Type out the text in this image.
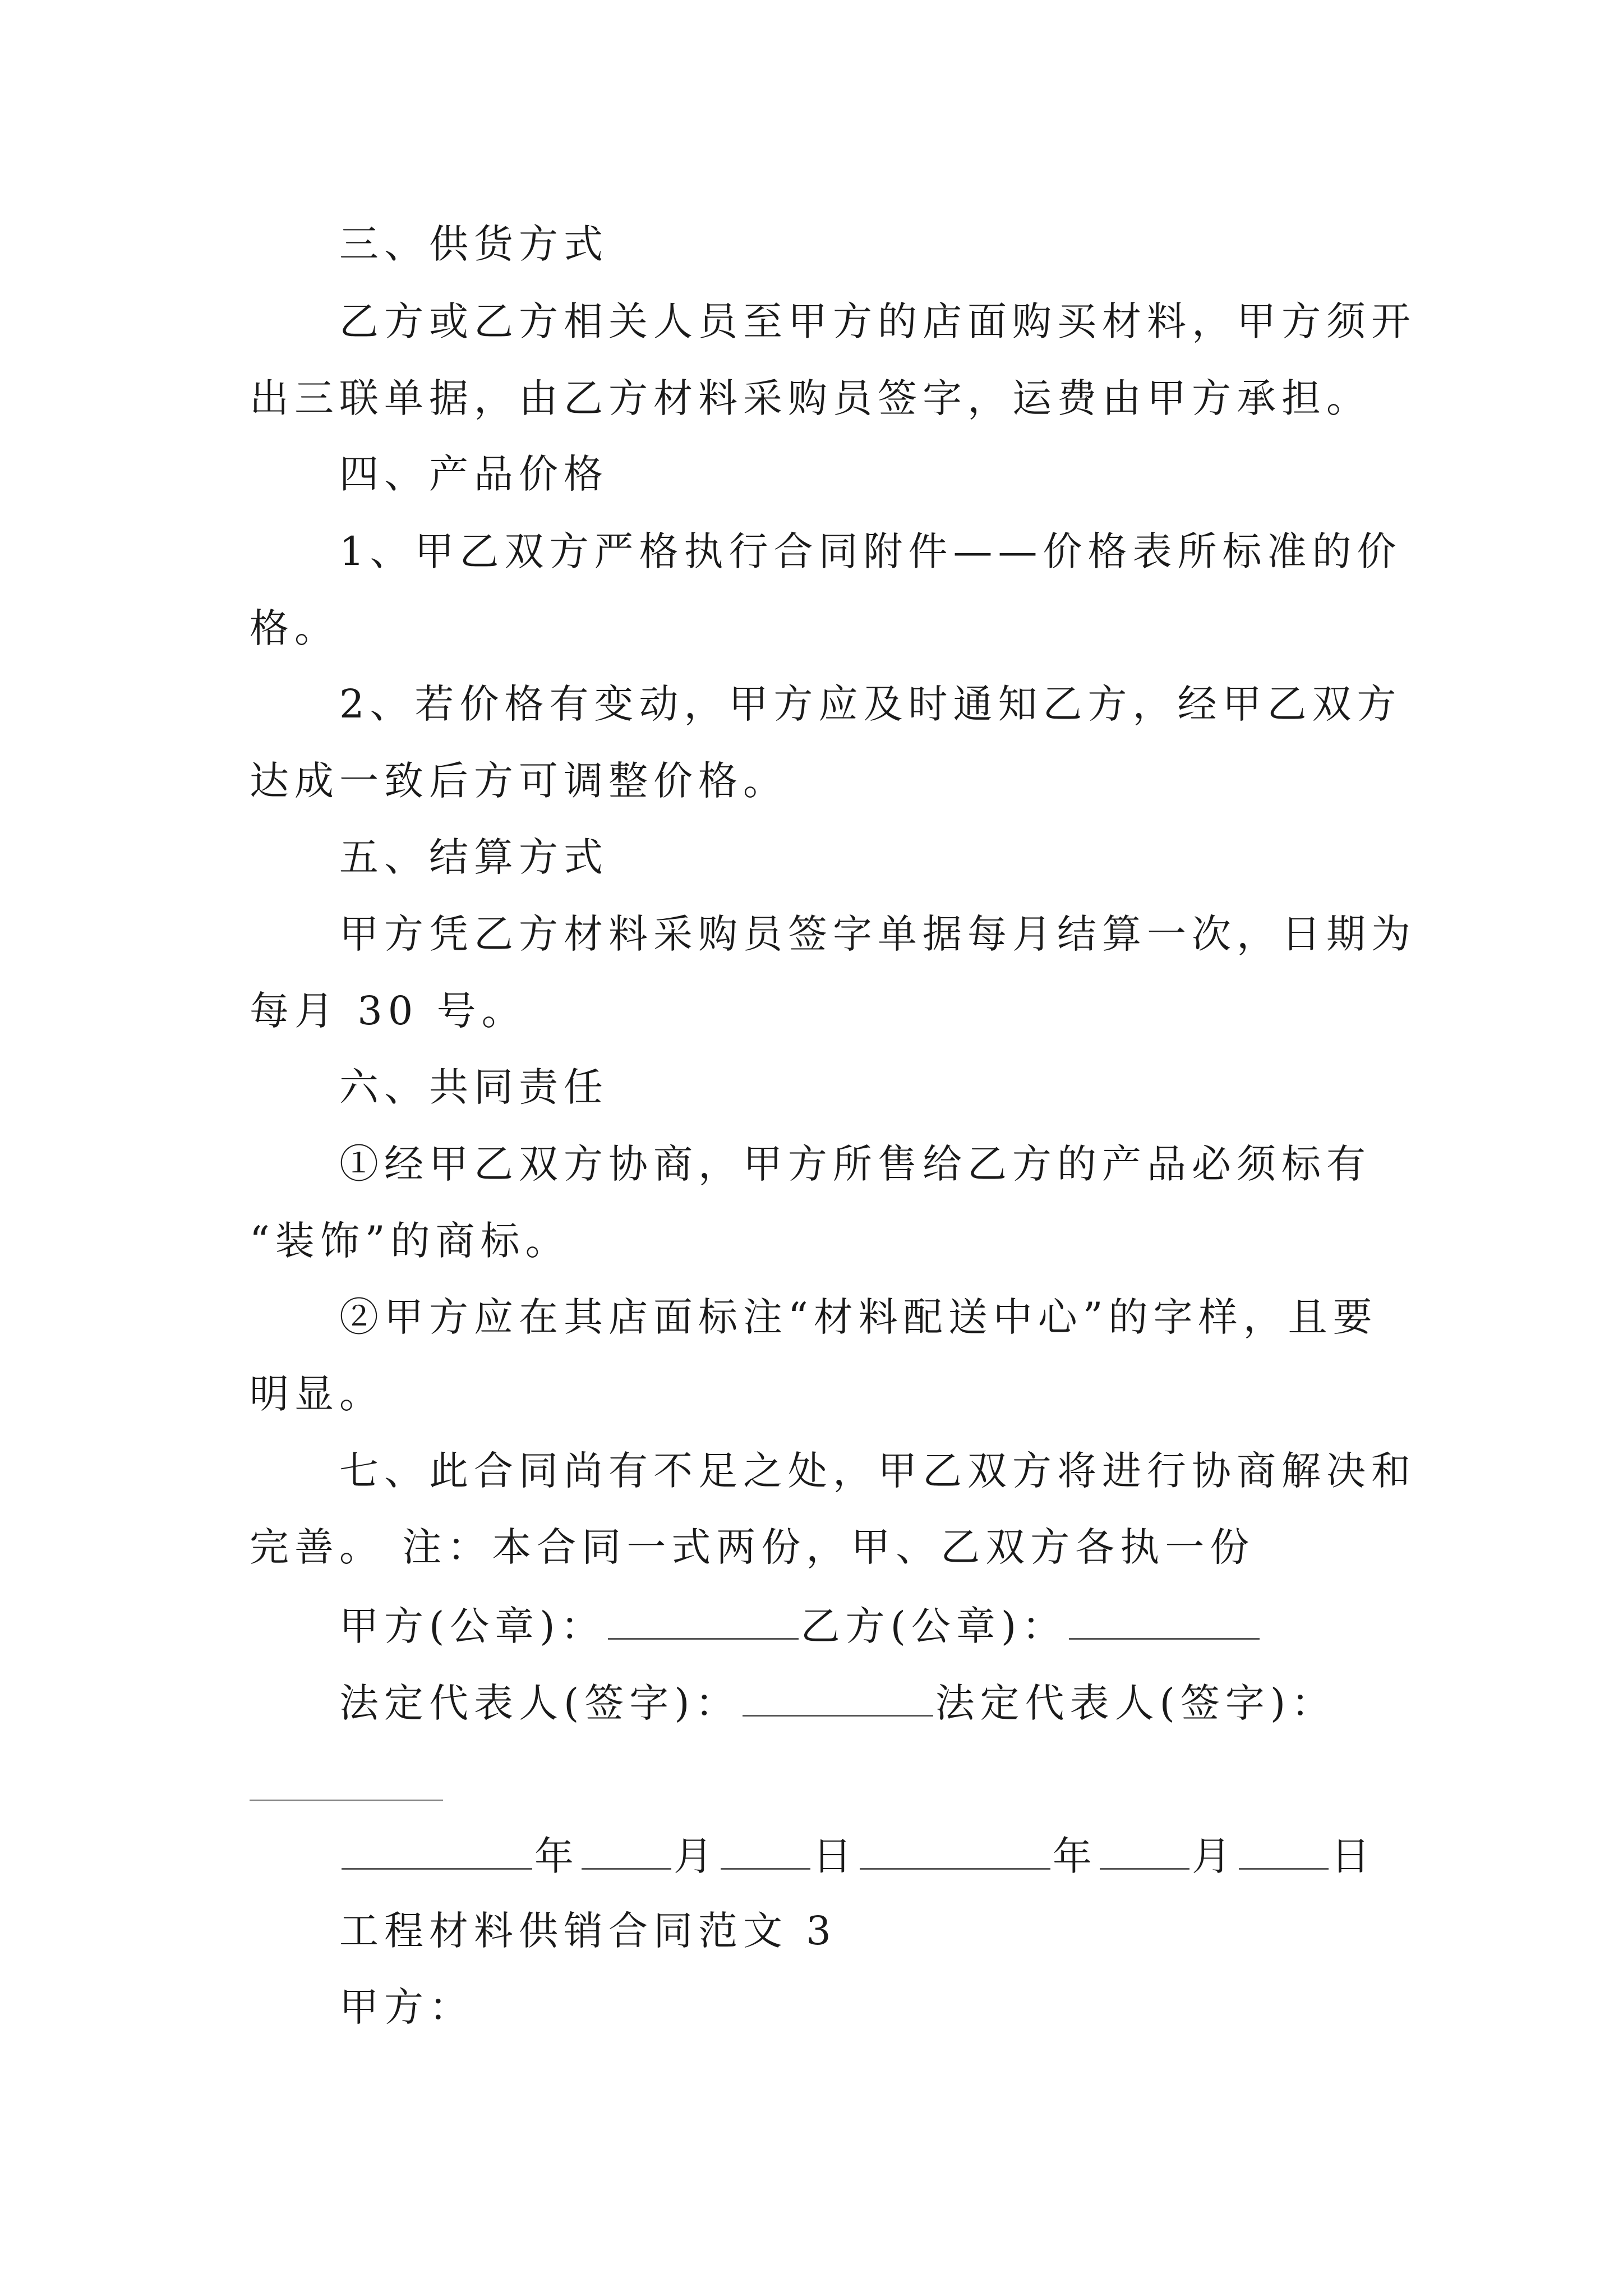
三、供货方式
乙方或乙方相关人员至甲方的店面购买材料，甲方须开
出三联单据，由乙方材料采购员签字，运费由甲方承担。
四、产品价格
1、甲乙双方严格执行合同附件——价格表所标准的价
格。
2、若价格有变动，甲方应及时通知乙方，经甲乙双方
达成一致后方可调整价格。
五、结算方式
甲方凭乙方材料采购员签字单据每月结算一次，日期为
每月 30 号。
六、共同责任
①经甲乙双方协商，甲方所售给乙方的产品必须标有
“装饰”的商标。
②甲方应在其店面标注“材料配送中心”的字样，且要
明显。
七、此合同尚有不足之处，甲乙双方将进行协商解决和
完善。 注：本合同一式两份，甲、乙双方各执一份
甲方(公章)：	乙方(公章)：
法定代表人(签字)：	法定代表人(签字)：
年 月 日	年 月 日
工程材料供销合同范文 3
甲方：
